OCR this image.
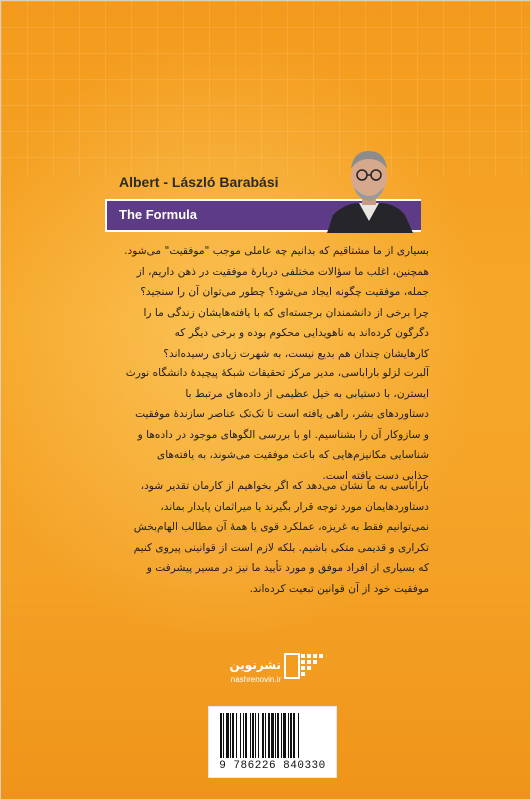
Albert - László Barabási
The Formula
بسیاری از ما مشتاقیم که بدانیم چه عاملی موجب "موفقیت" می‌شود.
همچنین، اغلب ما سؤالات مختلفی دربارهٔ موفقیت در ذهن داریم، از
جمله، موفقیت چگونه ایجاد می‌شود؟ چطور می‌توان آن را سنجید؟
چرا برخی از دانشمندان برجسته‌ای که با یافته‌هایشان زندگی ما را
دگرگون کرده‌اند به ناهویدایی محکوم بوده و برخی دیگر که
کارهایشان چندان هم بدیع نیست، به شهرت زیادی رسیده‌اند؟
آلبرت لزلو باراباسی، مدیر مرکز تحقیقات شبکهٔ پیچیدهٔ دانشگاه نورث
ایسترن، با دستیابی به خیل عظیمی از داده‌های مرتبط با
دستاوردهای بشر، راهی یافته است تا تک‌تک عناصر سازندهٔ موفقیت
و سازوکار آن را بشناسیم. او با بررسی الگوهای موجود در داده‌ها و
شناسایی مکانیزم‌هایی که باعث موفقیت می‌شوند، به یافته‌های
جذابی دست یافته است.
باراباسی به ما نشان می‌دهد که اگر بخواهیم از کارمان تقدیر شود،
دستاوردهایمان مورد توجه قرار بگیرند یا میراثمان پایدار بماند،
نمی‌توانیم فقط به غریزه، عملکرد قوی یا همهٔ آن مطالب الهام‌بخش
تکراری و قدیمی متکی باشیم. بلکه لازم است از قوانینی پیروی کنیم
که بسیاری از افراد موفق و مورد تأیید ما نیز در مسیر پیشرفت و
موفقیت خود از آن قوانین تبعیت کرده‌اند.
نشرنوین
nashrenovin.ir
9 786226 840330
